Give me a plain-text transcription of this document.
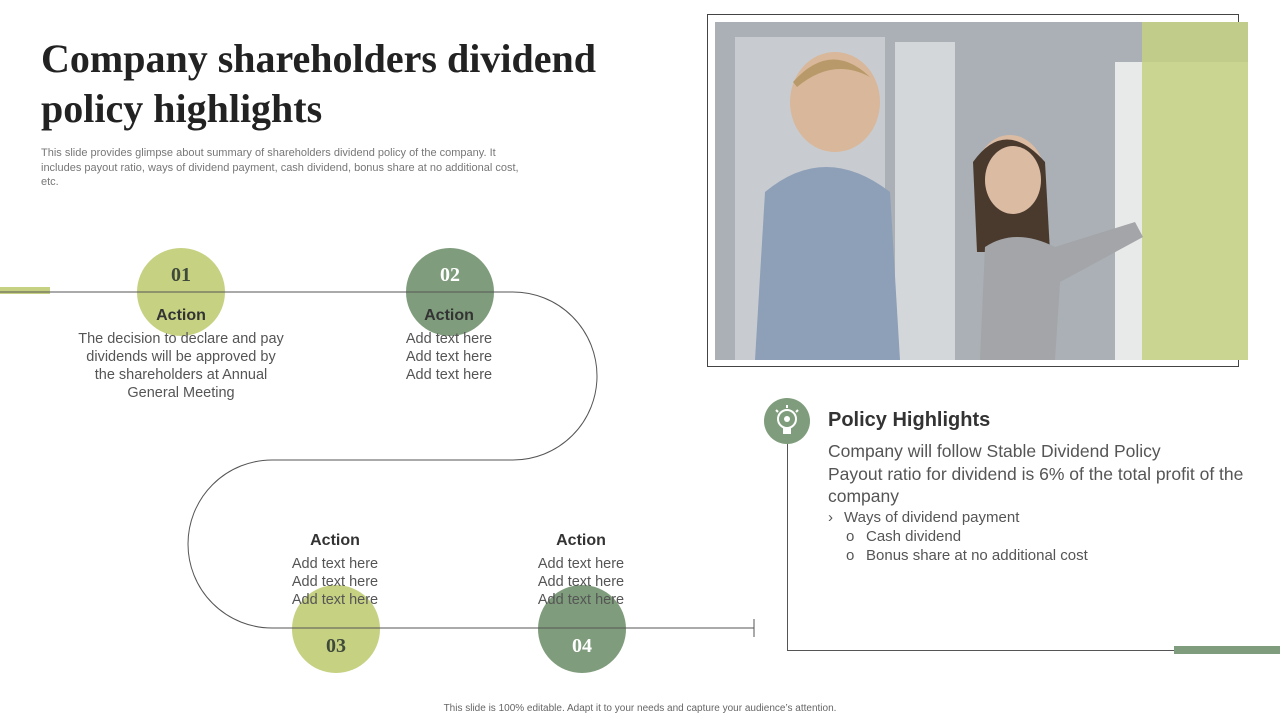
Company shareholders dividend policy highlights
This slide provides glimpse about summary of shareholders dividend policy of the company. It includes payout ratio, ways of dividend payment, cash dividend, bonus share at no additional cost, etc.
01	02
03	04
Action
The decision to declare and pay dividends will be approved by the shareholders at Annual General Meeting
Action
Add text here
Add text here
Add text here
Action
Add text here
Add text here
Add text here
Action
Add text here
Add text here
Add text here
Policy Highlights
Company will follow Stable Dividend Policy
Payout ratio for dividend is 6% of the total profit of the company
› Ways of dividend payment
o Cash dividend
o Bonus share at no additional cost
This slide is 100% editable. Adapt it to your needs and capture your audience’s attention.
